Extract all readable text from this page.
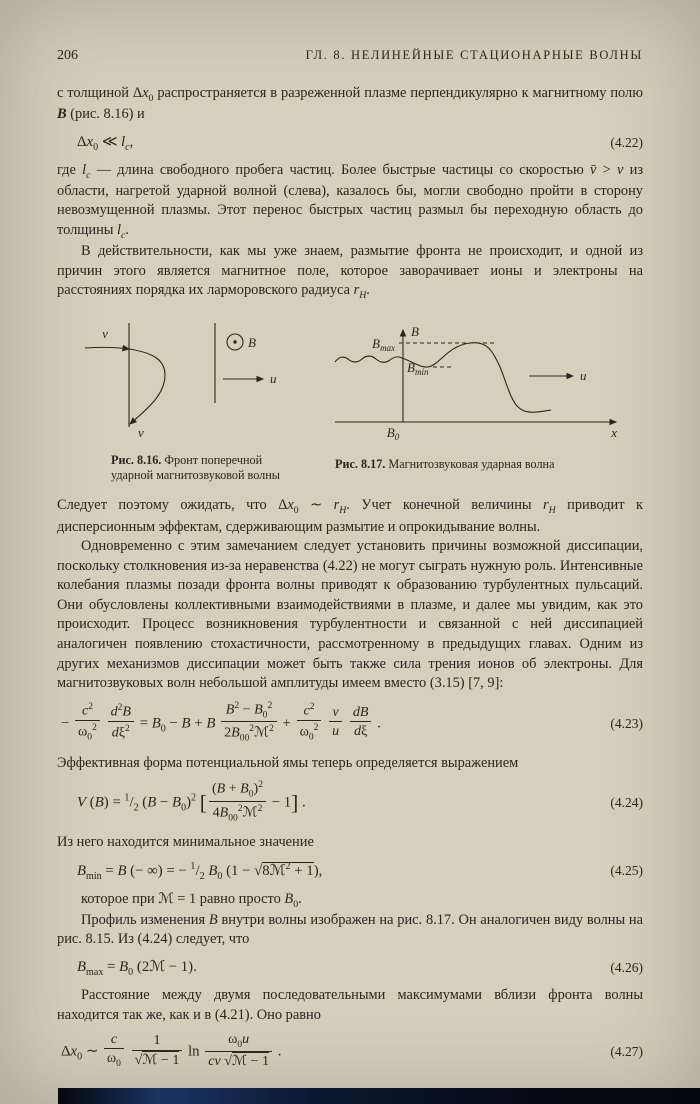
206	ГЛ. 8. НЕЛИНЕЙНЫЕ СТАЦИОНАРНЫЕ ВОЛНЫ

с толщиной $\Delta x_0$ распространяется в разреженной плазме перпендикулярно к магнитному полю B (рис. 8.16) и

$\Delta x_0$ ≪ $l_c$,	(4.22)

где $l_c$ — длина свободного пробега частиц. Более быстрые частицы со скоростью v̄ > v из области, нагретой ударной волной (слева), казалось бы, могли свободно пройти в сторону невозмущенной плазмы. Этот перенос быстрых частиц размыл бы переходную область до толщины $l_c$.

В действительности, как мы уже знаем, размытие фронта не происходит, и одной из причин этого является магнитное поле, которое заворачивает ионы и электроны на расстояниях порядка их ларморовского радиуса $r_H$.

v
v
B
u
Рис. 8.16. Фронт поперечной ударной магнитозвуковой волны
B
x
$B_{max}$
$B_{min}$	u
$B_0$
Рис. 8.17. Магнитозвуковая ударная волна

Следует поэтому ожидать, что $\Delta x_0$ ∼ $r_H$. Учет конечной величины $r_H$ приводит к дисперсионным эффектам, сдерживающим размытие и опрокидывание волны.

Одновременно с этим замечанием следует установить причины возможной диссипации, поскольку столкновения из-за неравенства (4.22) не могут сыграть нужную роль. Интенсивные колебания плазмы позади фронта волны приводят к образованию турбулентных пульсаций. Они обусловлены коллективными взаимодействиями в плазме, и далее мы увидим, как это происходит. Процесс возникновения турбулентности и связанной с ней диссипацией аналогичен появлению стохастичности, рассмотренному в предыдущих главах. Одним из других механизмов диссипации может быть также сила трения ионов об электроны. Для магнитозвуковых волн небольшой амплитуды имеем вместо (3.15) [7, 9]:

− $\frac{c^2}{\omega_0^2}$
$\frac{d^2B}{d\xi^2} = B_0 - B + B \frac{B^2 - B_0^2}{2B_{00}^2ℳ^2} + \frac{c^2}{\omega_0^2}$
$\frac{v}{u}$
$\frac{dB}{d\xi}$ .	(4.23)

Эффективная форма потенциальной ямы теперь определяется выражением

V $(B) = ^1/_2$ $(B - B_0)^2$ [ $\frac{(B + B_0)^2}{4B_{00}^2ℳ^2} - 1$] .	(4.24)

Из него находится минимальное значение

$B_{min} = B$ (− ∞) = − $^1/_2$ $B_0$ (1 − √8ℳ$^2$ + 1),	(4.25)

которое при ℳ = 1 равно просто $B_0$.

Профиль изменения B внутри волны изображен на рис. 8.17. Он аналогичен виду волны на рис. 8.15. Из (4.24) следует, что

$B_{max} = B_0$ (2ℳ − 1).	(4.26)

Расстояние между двумя последовательными максимумами вблизи фронта волны находится так же, как и в (4.21). Оно равно

$\Delta x_0$ ∼ $\frac{c}{\omega_0}$
$\frac{1}{\text{√ℳ − 1}}$ $\ln \frac{\omega_0u}{\text{cv √ℳ − 1}}$ .	(4.27)
